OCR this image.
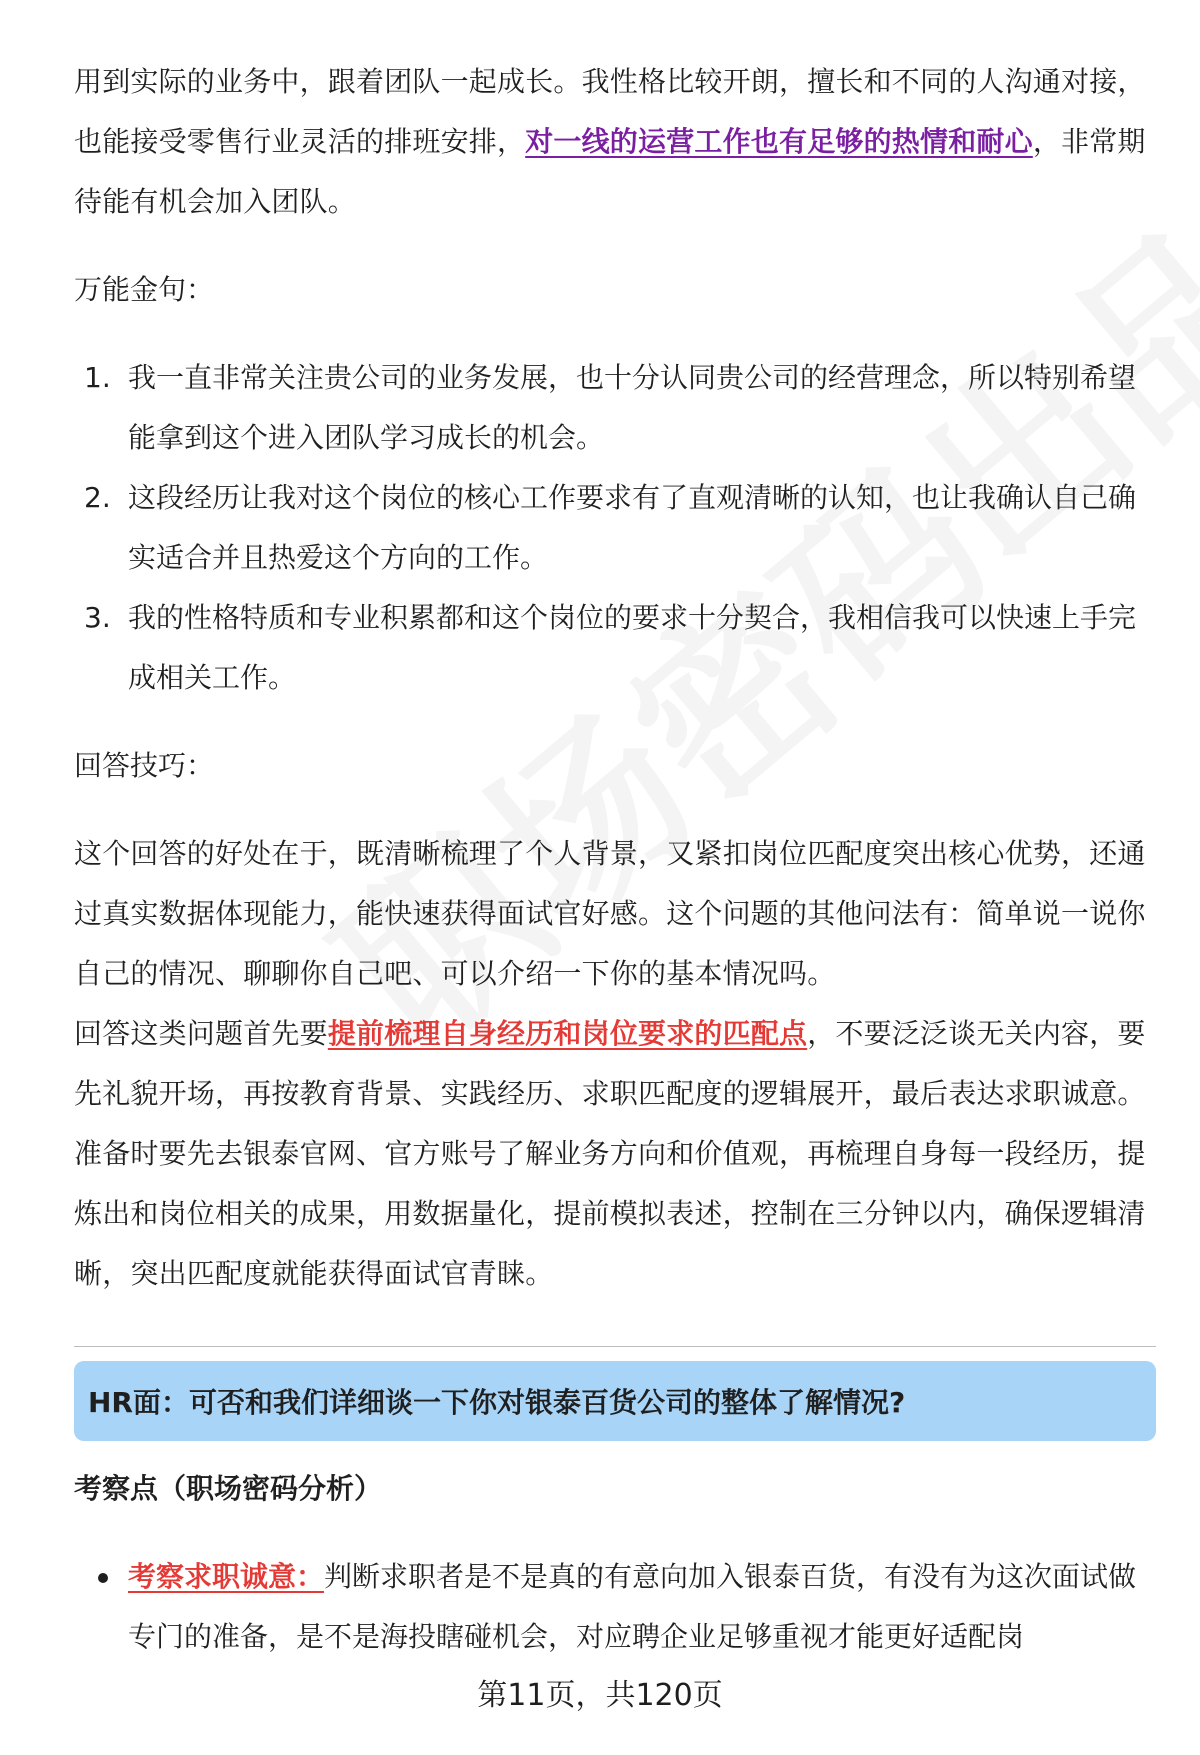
用到实际的业务中，跟着团队一起成长。我性格比较开朗，擅长和不同的人沟通对接，也能接受零售行业灵活的排班安排，对一线的运营工作也有足够的热情和耐心，非常期待能有机会加入团队。

万能金句：
1. 我一直非常关注贵公司的业务发展，也十分认同贵公司的经营理念，所以特别希望能拿到这个进入团队学习成长的机会。
2. 这段经历让我对这个岗位的核心工作要求有了直观清晰的认知，也让我确认自己确实适合并且热爱这个方向的工作。
3. 我的性格特质和专业积累都和这个岗位的要求十分契合，我相信我可以快速上手完成相关工作。
回答技巧：

这个回答的好处在于，既清晰梳理了个人背景，又紧扣岗位匹配度突出核心优势，还通过真实数据体现能力，能快速获得面试官好感。这个问题的其他问法有：简单说一说你自己的情况、聊聊你自己吧、可以介绍一下你的基本情况吗。

回答这类问题首先要提前梳理自身经历和岗位要求的匹配点，不要泛泛谈无关内容，要先礼貌开场，再按教育背景、实践经历、求职匹配度的逻辑展开，最后表达求职诚意。准备时要先去银泰官网、官方账号了解业务方向和价值观，再梳理自身每一段经历，提炼出和岗位相关的成果，用数据量化，提前模拟表述，控制在三分钟以内，确保逻辑清晰，突出匹配度就能获得面试官青睐。

HR面：可否和我们详细谈一下你对银泰百货公司的整体了解情况?
考察点（职场密码分析）
考察求职诚意：判断求职者是不是真的有意向加入银泰百货，有没有为这次面试做专门的准备，是不是海投瞎碰机会，对应聘企业足够重视才能更好适配岗
第11页，共120页
